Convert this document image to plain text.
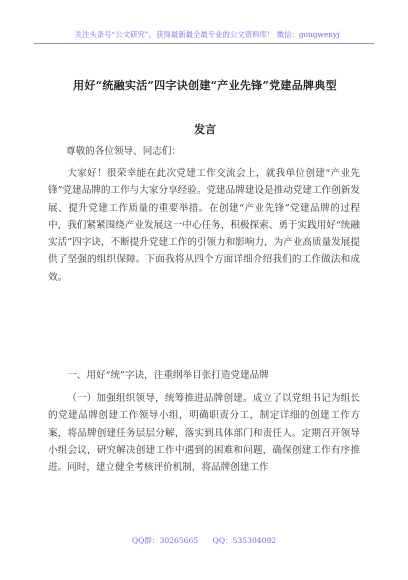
关注头条号“公文研究”，获得最新最全最专业的公文资料库！ 微信：gongwenyj
用好“统融实活”四字诀创建“产业先锋”党建品牌典型
发言
尊敬的各位领导、同志们：

大家好！很荣幸能在此次党建工作交流会上，就我单位创建“产业先锋”党建品牌的工作与大家分享经验。党建品牌建设是推动党建工作创新发展、提升党建工作质量的重要举措。在创建“产业先锋”党建品牌的过程中，我们紧紧围绕产业发展这一中心任务，积极探索、勇于实践用好“统融实活”四字诀，不断提升党建工作的引领力和影响力，为产业高质量发展提供了坚强的组织保障。下面我将从四个方面详细介绍我们的工作做法和成效。

一、用好“统”字诀，注重纲举目张打造党建品牌

（一）加强组织领导，统筹推进品牌创建。成立了以党组书记为组长的党建品牌创建工作领导小组，明确职责分工，制定详细的创建工作方案，将品牌创建任务层层分解，落实到具体部门和责任人。定期召开领导小组会议，研究解决创建工作中遇到的困难和问题，确保创建工作有序推进。同时，建立健全考核评价机制，将品牌创建工作

QQ群：30265665 QQ：535304092
